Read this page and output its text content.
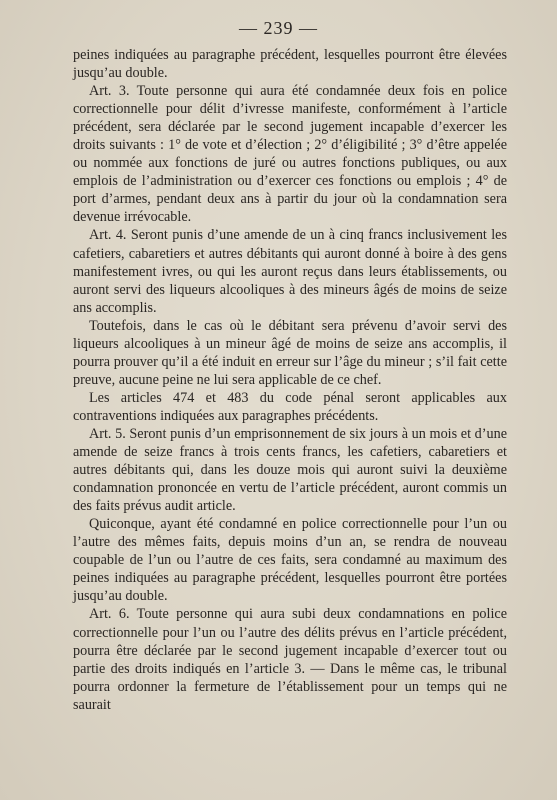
— 239 —

peines indiquées au paragraphe précédent, lesquelles pourront être élevées jusqu’au double.

Art. 3. Toute personne qui aura été condamnée deux fois en police correctionnelle pour délit d’ivresse manifeste, conformément à l’article précédent, sera déclarée par le second jugement incapable d’exercer les droits suivants : 1° de vote et d’élection ; 2° d’éligibilité ; 3° d’être appelée ou nommée aux fonctions de juré ou autres fonctions publiques, ou aux emplois de l’administration ou d’exercer ces fonctions ou emplois ; 4° de port d’armes, pendant deux ans à partir du jour où la condamnation sera devenue irrévocable.

Art. 4. Seront punis d’une amende de un à cinq francs inclusivement les cafetiers, cabaretiers et autres débitants qui auront donné à boire à des gens manifestement ivres, ou qui les auront reçus dans leurs établissements, ou auront servi des liqueurs alcooliques à des mineurs âgés de moins de seize ans accomplis.

Toutefois, dans le cas où le débitant sera prévenu d’avoir servi des liqueurs alcooliques à un mineur âgé de moins de seize ans accomplis, il pourra prouver qu’il a été induit en erreur sur l’âge du mineur ; s’il fait cette preuve, aucune peine ne lui sera applicable de ce chef.

Les articles 474 et 483 du code pénal seront applicables aux contraventions indiquées aux paragraphes précédents.

Art. 5. Seront punis d’un emprisonnement de six jours à un mois et d’une amende de seize francs à trois cents francs, les cafetiers, cabaretiers et autres débitants qui, dans les douze mois qui auront suivi la deuxième condamnation prononcée en vertu de l’article précédent, auront commis un des faits prévus audit article.

Quiconque, ayant été condamné en police correctionnelle pour l’un ou l’autre des mêmes faits, depuis moins d’un an, se rendra de nouveau coupable de l’un ou l’autre de ces faits, sera condamné au maximum des peines indiquées au paragraphe précédent, lesquelles pourront être portées jusqu’au double.

Art. 6. Toute personne qui aura subi deux condamnations en police correctionnelle pour l’un ou l’autre des délits prévus en l’article précédent, pourra être déclarée par le second jugement incapable d’exercer tout ou partie des droits indiqués en l’article 3. — Dans le même cas, le tribunal pourra ordonner la fermeture de l’établissement pour un temps qui ne saurait
